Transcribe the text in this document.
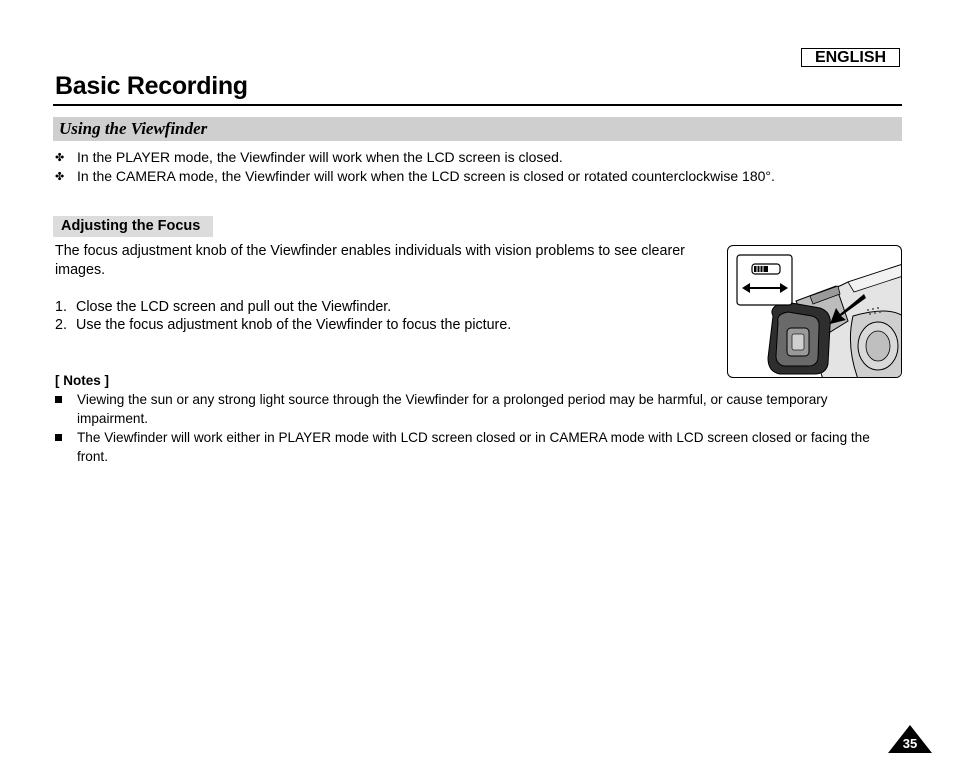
ENGLISH
Basic Recording
Using the Viewfinder
✤ In the PLAYER mode, the Viewfinder will work when the LCD screen is closed.
✤ In the CAMERA mode, the Viewfinder will work when the LCD screen is closed or rotated counterclockwise 180°.
Adjusting the Focus
The focus adjustment knob of the Viewfinder enables individuals with vision problems to see clearer images.
1. Close the LCD screen and pull out the Viewfinder.
2. Use the focus adjustment knob of the Viewfinder to focus the picture.
[ Notes ]
Viewing the sun or any strong light source through the Viewfinder for a prolonged period may be harmful, or cause temporary impairment.
The Viewfinder will work either in PLAYER mode with LCD screen closed or in CAMERA mode with LCD screen closed or facing the front.
35
